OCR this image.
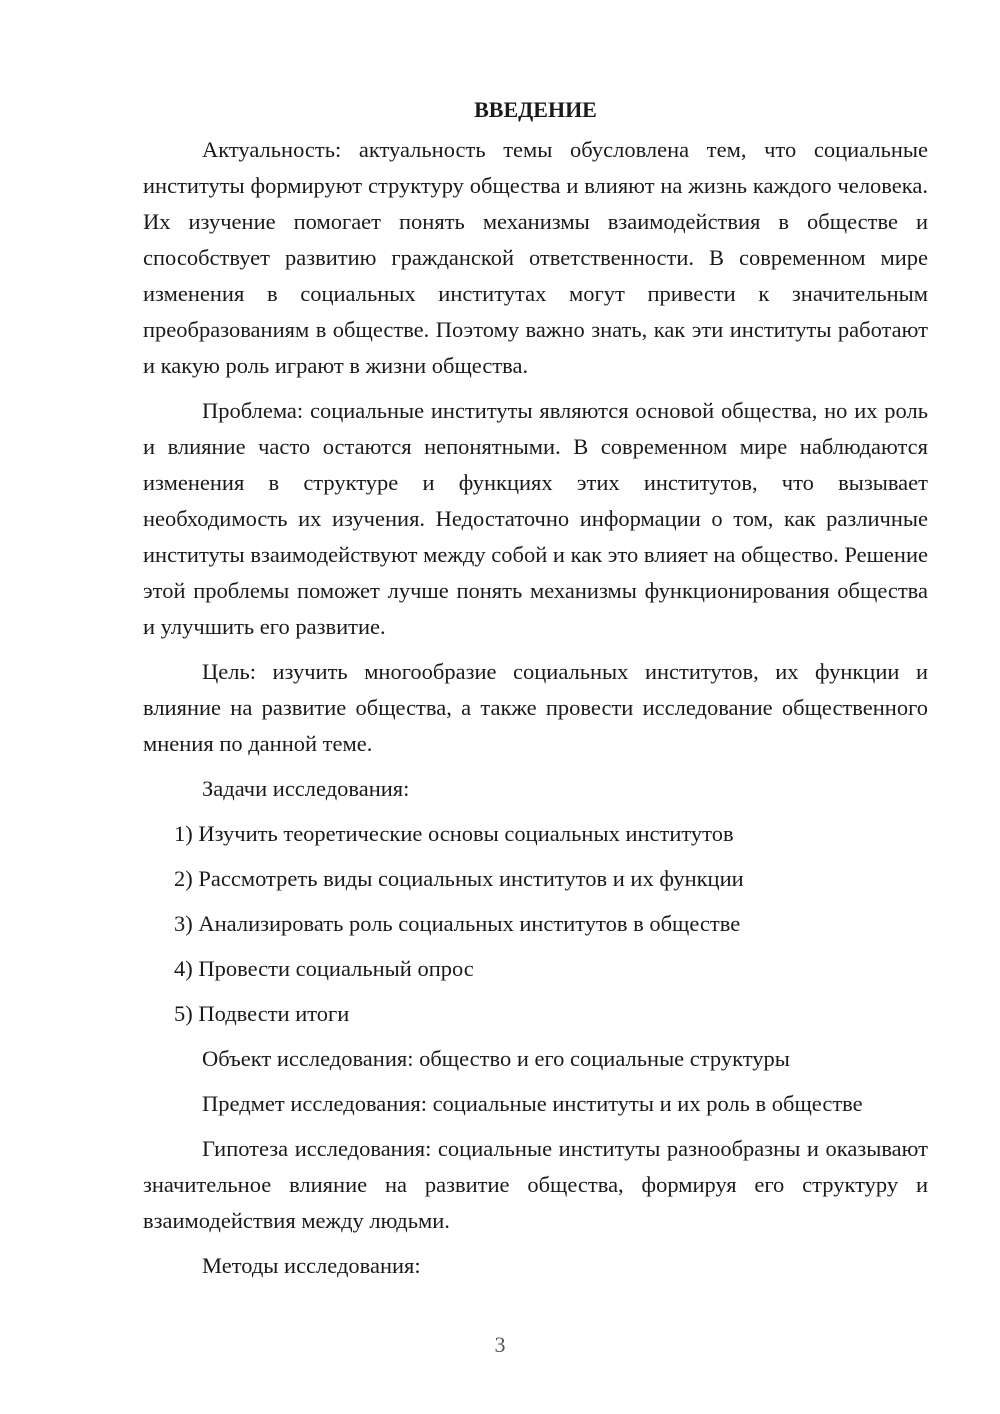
ВВЕДЕНИЕ

Актуальность: актуальность темы обусловлена тем, что социальные институты формируют структуру общества и влияют на жизнь каждого человека. Их изучение помогает понять механизмы взаимодействия в обществе и способствует развитию гражданской ответственности. В современном мире изменения в социальных институтах могут привести к значительным преобразованиям в обществе. Поэтому важно знать, как эти институты работают и какую роль играют в жизни общества.

Проблема: социальные институты являются основой общества, но их роль и влияние часто остаются непонятными. В современном мире наблюдаются изменения в структуре и функциях этих институтов, что вызывает необходимость их изучения. Недостаточно информации о том, как различные институты взаимодействуют между собой и как это влияет на общество. Решение этой проблемы поможет лучше понять механизмы функционирования общества и улучшить его развитие.

Цель: изучить многообразие социальных институтов, их функции и влияние на развитие общества, а также провести исследование общественного мнения по данной теме.

Задачи исследования:
1) Изучить теоретические основы социальных институтов
2) Рассмотреть виды социальных институтов и их функции
3) Анализировать роль социальных институтов в обществе
4) Провести социальный опрос
5) Подвести итоги
Объект исследования: общество и его социальные структуры
Предмет исследования: социальные институты и их роль в обществе

Гипотеза исследования: социальные институты разнообразны и оказывают значительное влияние на развитие общества, формируя его структуру и взаимодействия между людьми.

Методы исследования:
3
